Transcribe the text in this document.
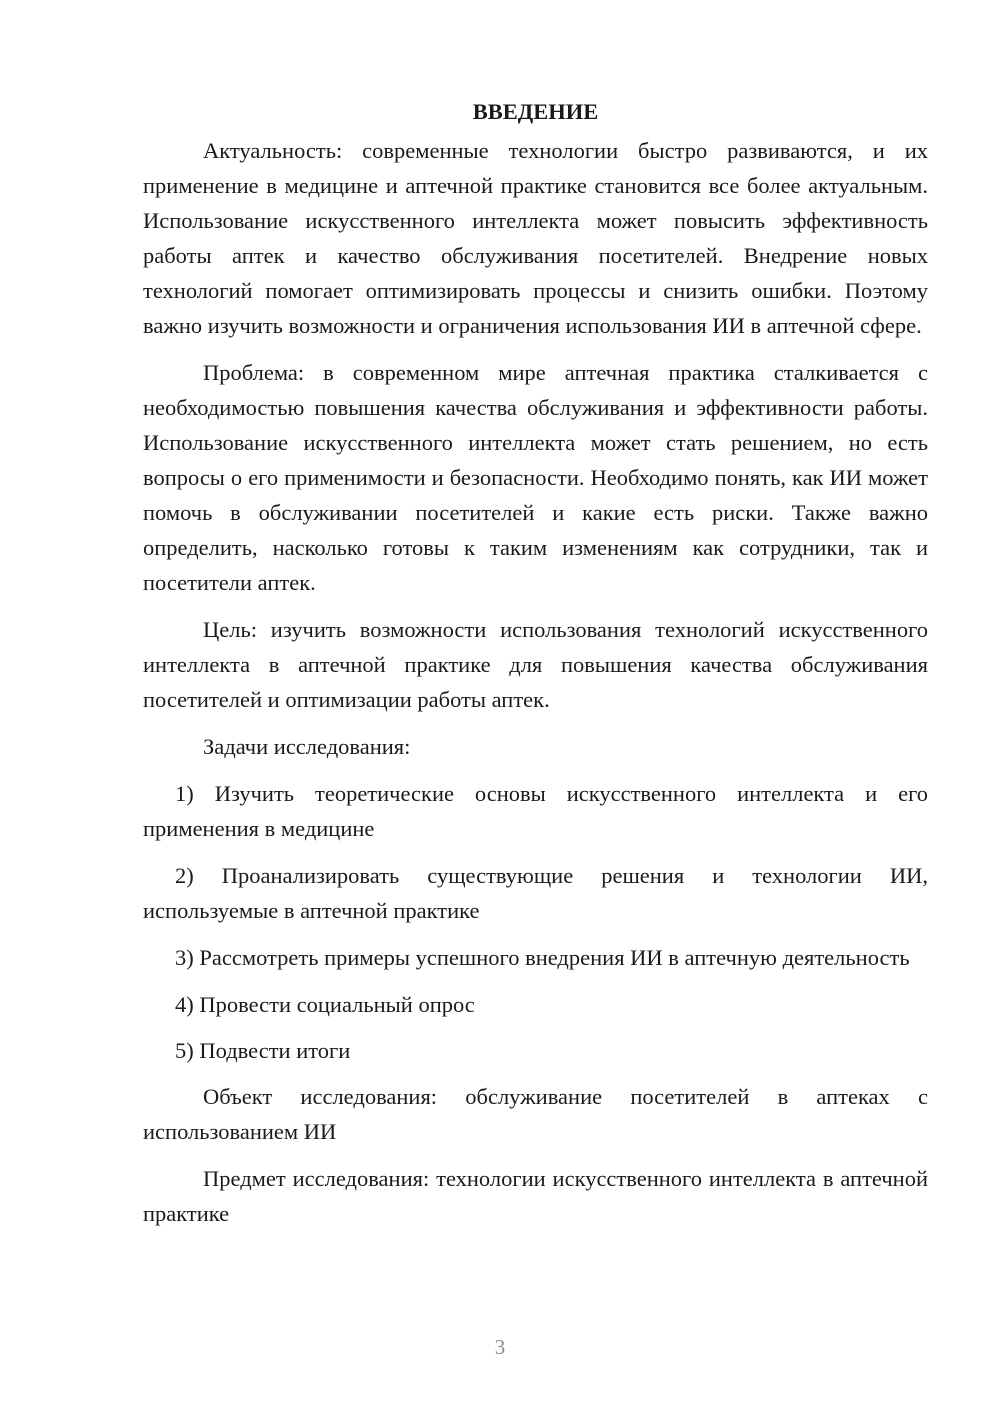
ВВЕДЕНИЕ

Актуальность: современные технологии быстро развиваются, и их применение в медицине и аптечной практике становится все более актуальным. Использование искусственного интеллекта может повысить эффективность работы аптек и качество обслуживания посетителей. Внедрение новых технологий помогает оптимизировать процессы и снизить ошибки. Поэтому важно изучить возможности и ограничения использования ИИ в аптечной сфере.

Проблема: в современном мире аптечная практика сталкивается с необходимостью повышения качества обслуживания и эффективности работы. Использование искусственного интеллекта может стать решением, но есть вопросы о его применимости и безопасности. Необходимо понять, как ИИ может помочь в обслуживании посетителей и какие есть риски. Также важно определить, насколько готовы к таким изменениям как сотрудники, так и посетители аптек.

Цель: изучить возможности использования технологий искусственного интеллекта в аптечной практике для повышения качества обслуживания посетителей и оптимизации работы аптек.

Задачи исследования:

1) Изучить теоретические основы искусственного интеллекта и его применения в медицине

2) Проанализировать существующие решения и технологии ИИ, используемые в аптечной практике

3) Рассмотреть примеры успешного внедрения ИИ в аптечную деятельность

4) Провести социальный опрос

5) Подвести итоги

Объект исследования: обслуживание посетителей в аптеках с использованием ИИ

Предмет исследования: технологии искусственного интеллекта в аптечной практике

3
